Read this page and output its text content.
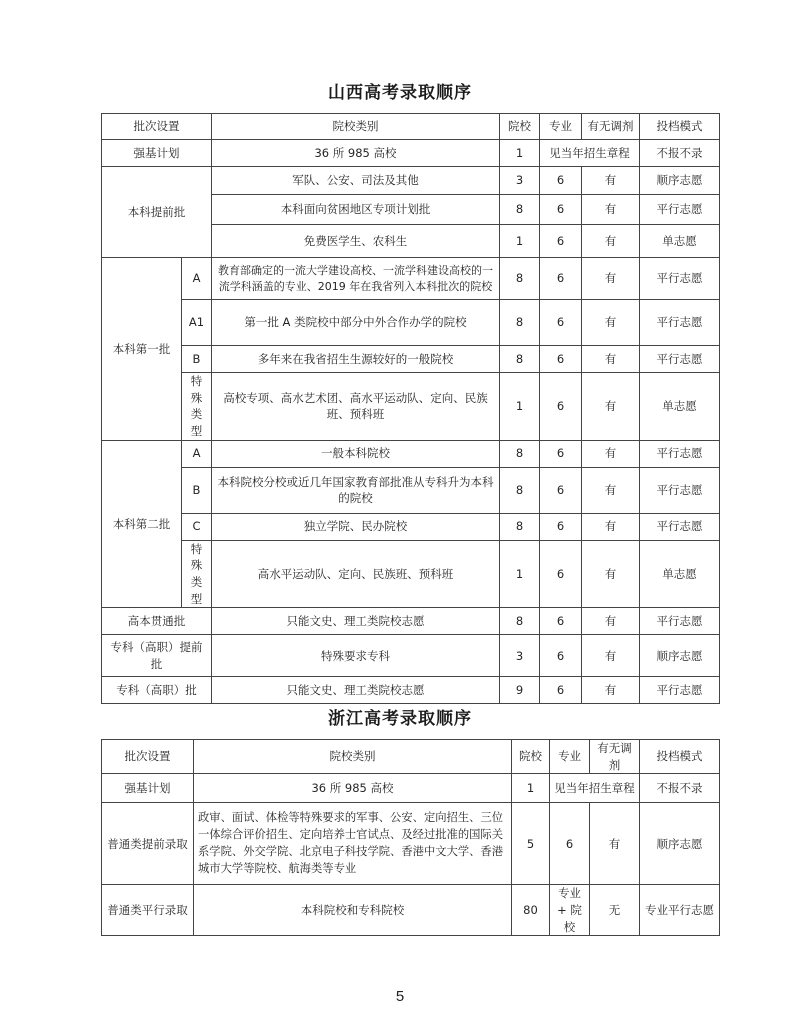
山西高考录取顺序
批次设置		院校类别	院校	专业	有无调剂	投档模式
强基计划		36 所 985 高校	1	见当年招生章程		不报不录
本科提前批		军队、公安、司法及其他	3	6	有	顺序志愿
		本科面向贫困地区专项计划批	8	6	有	平行志愿
		免费医学生、农科生	1	6	有	单志愿
本科第一批	A	教育部确定的一流大学建设高校、一流学科建设高校的一流学科涵盖的专业、2019 年在我省列入本科批次的院校	8	6	有	平行志愿
	A1	第一批 A 类院校中部分中外合作办学的院校	8	6	有	平行志愿
	B	多年来在我省招生生源较好的一般院校	8	6	有	平行志愿
	特殊类型	高校专项、高水艺术团、高水平运动队、定向、民族班、预科班	1	6	有	单志愿
本科第二批	A	一般本科院校	8	6	有	平行志愿
	B	本科院校分校或近几年国家教育部批准从专科升为本科的院校	8	6	有	平行志愿
	C	独立学院、民办院校	8	6	有	平行志愿
	特殊类型	高水平运动队、定向、民族班、预科班	1	6	有	单志愿
高本贯通批		只能文史、理工类院校志愿	8	6	有	平行志愿
专科（高职）提前批		特殊要求专科	3	6	有	顺序志愿
专科（高职）批		只能文史、理工类院校志愿	9	6	有	平行志愿
浙江高考录取顺序
批次设置	院校类别	院校	专业	有无调剂	投档模式
强基计划	36 所 985 高校	1	见当年招生章程		不报不录
普通类提前录取	政审、面试、体检等特殊要求的军事、公安、定向招生、三位一体综合评价招生、定向培养士官试点、及经过批准的国际关系学院、外交学院、北京电子科技学院、香港中文大学、香港城市大学等院校、航海类等专业	5	6	有	顺序志愿
普通类平行录取	本科院校和专科院校	80	专业 + 院校	无	专业平行志愿
5
